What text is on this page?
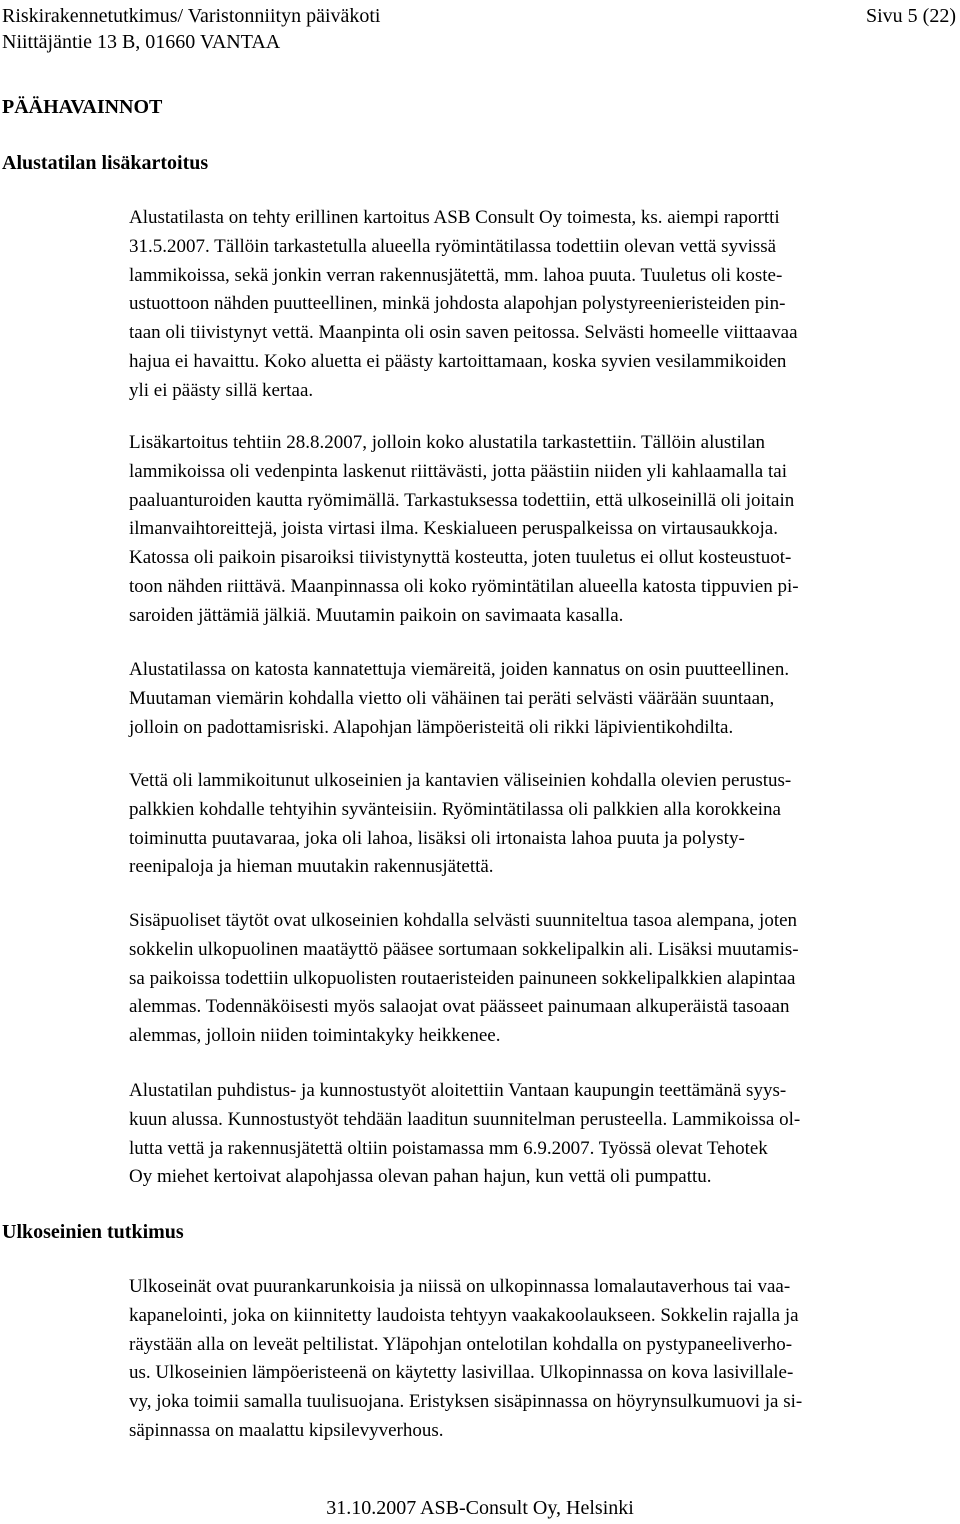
Riskirakennetutkimus/ Varistonniityn päiväkoti	Sivu 5 (22)
Niittäjäntie 13 B, 01660 VANTAA
PÄÄHAVAINNOT
Alustatilan lisäkartoitus

Alustatilasta on tehty erillinen kartoitus ASB Consult Oy toimesta, ks. aiempi raportti
31.5.2007. Tällöin tarkastetulla alueella ryömintätilassa todettiin olevan vettä syvissä
lammikoissa, sekä jonkin verran rakennusjätettä, mm. lahoa puuta. Tuuletus oli koste-
ustuottoon nähden puutteellinen, minkä johdosta alapohjan polystyreenieristeiden pin-
taan oli tiivistynyt vettä. Maanpinta oli osin saven peitossa. Selvästi homeelle viittaavaa
hajua ei havaittu. Koko aluetta ei päästy kartoittamaan, koska syvien vesilammikoiden
yli ei päästy sillä kertaa.

Lisäkartoitus tehtiin 28.8.2007, jolloin koko alustatila tarkastettiin. Tällöin alustilan
lammikoissa oli vedenpinta laskenut riittävästi, jotta päästiin niiden yli kahlaamalla tai
paaluanturoiden kautta ryömimällä. Tarkastuksessa todettiin, että ulkoseinillä oli joitain
ilmanvaihtoreittejä, joista virtasi ilma. Keskialueen peruspalkeissa on virtausaukkoja.
Katossa oli paikoin pisaroiksi tiivistynyttä kosteutta, joten tuuletus ei ollut kosteustuot-
toon nähden riittävä. Maanpinnassa oli koko ryömintätilan alueella katosta tippuvien pi-
saroiden jättämiä jälkiä. Muutamin paikoin on savimaata kasalla.

Alustatilassa on katosta kannatettuja viemäreitä, joiden kannatus on osin puutteellinen.
Muutaman viemärin kohdalla vietto oli vähäinen tai peräti selvästi väärään suuntaan,
jolloin on padottamisriski. Alapohjan lämpöeristeitä oli rikki läpivientikohdilta.

Vettä oli lammikoitunut ulkoseinien ja kantavien väliseinien kohdalla olevien perustus-
palkkien kohdalle tehtyihin syvänteisiin. Ryömintätilassa oli palkkien alla korokkeina
toiminutta puutavaraa, joka oli lahoa, lisäksi oli irtonaista lahoa puuta ja polysty-
reenipaloja ja hieman muutakin rakennusjätettä.

Sisäpuoliset täytöt ovat ulkoseinien kohdalla selvästi suunniteltua tasoa alempana, joten
sokkelin ulkopuolinen maatäyttö pääsee sortumaan sokkelipalkin ali. Lisäksi muutamis-
sa paikoissa todettiin ulkopuolisten routaeristeiden painuneen sokkelipalkkien alapintaa
alemmas. Todennäköisesti myös salaojat ovat päässeet painumaan alkuperäistä tasoaan
alemmas, jolloin niiden toimintakyky heikkenee.

Alustatilan puhdistus- ja kunnostustyöt aloitettiin Vantaan kaupungin teettämänä syys-
kuun alussa. Kunnostustyöt tehdään laaditun suunnitelman perusteella. Lammikoissa ol-
lutta vettä ja rakennusjätettä oltiin poistamassa mm 6.9.2007. Työssä olevat Tehotek
Oy miehet kertoivat alapohjassa olevan pahan hajun, kun vettä oli pumpattu.

Ulkoseinien tutkimus

Ulkoseinät ovat puurankarunkoisia ja niissä on ulkopinnassa lomalautaverhous tai vaa-
kapanelointi, joka on kiinnitetty laudoista tehtyyn vaakakoolaukseen. Sokkelin rajalla ja
räystään alla on leveät peltilistat. Yläpohjan ontelotilan kohdalla on pystypaneeliverho-
us. Ulkoseinien lämpöeristeenä on käytetty lasivillaa. Ulkopinnassa on kova lasivillale-
vy, joka toimii samalla tuulisuojana. Eristyksen sisäpinnassa on höyrynsulkumuovi ja si-
säpinnassa on maalattu kipsilevyverhous.

31.10.2007 ASB-Consult Oy, Helsinki
